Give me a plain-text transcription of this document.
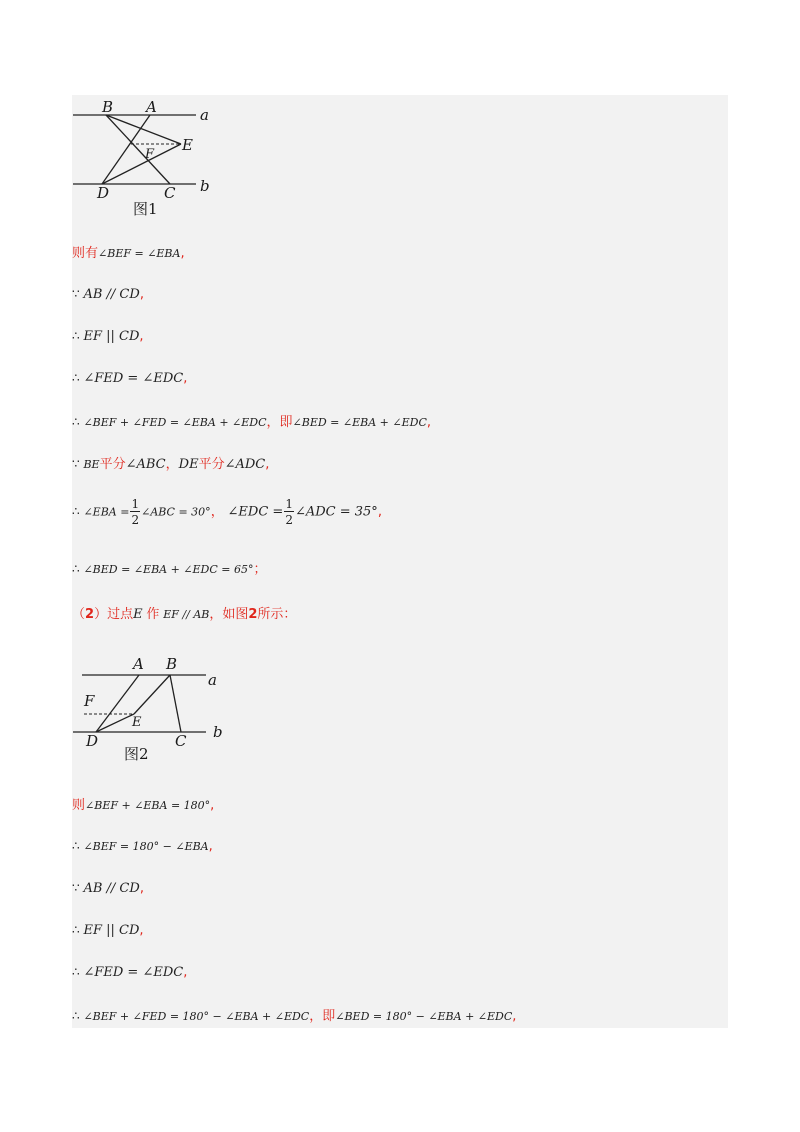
B A	a
E
F
D	C b
图1
则有∠BEF = ∠EBA,
∵ AB // CD,
∴ EF || CD,
∴ ∠FED = ∠EDC,
∴ ∠BEF + ∠FED = ∠EBA + ∠EDC，即∠BED = ∠EBA + ∠EDC,
∵ BE平分∠ABC，DE平分∠ADC,
∴ ∠EBA = $\frac{1}{2}$ ∠ABC = 30°， ∠EDC = $\frac{1}{2}$ ∠ADC = 35°,
∴ ∠BED = ∠EBA + ∠EDC = 65°；
（2）过点E 作 EF // AB，如图2所示：
A B
a
F
E
D	C b
图2
则∠BEF + ∠EBA = 180°,
∴ ∠BEF = 180° − ∠EBA,
∵ AB // CD,
∴ EF || CD,
∴ ∠FED = ∠EDC,
∴ ∠BEF + ∠FED = 180° − ∠EBA + ∠EDC，即∠BED = 180° − ∠EBA + ∠EDC,
